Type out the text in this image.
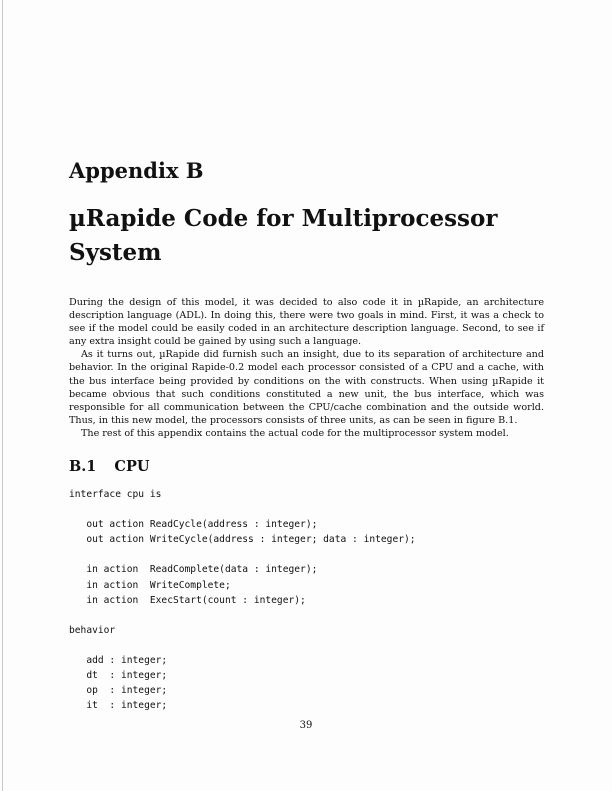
Appendix B
µRapide Code for Multiprocessor System

During the design of this model, it was decided to also code it in µRapide, an architecture description language (ADL). In doing this, there were two goals in mind. First, it was a check to see if the model could be easily coded in an architecture description language. Second, to see if any extra insight could be gained by using such a language.

As it turns out, µRapide did furnish such an insight, due to its separation of architecture and behavior. In the original Rapide-0.2 model each processor consisted of a CPU and a cache, with the bus interface being provided by conditions on the with constructs. When using µRapide it became obvious that such conditions constituted a new unit, the bus interface, which was responsible for all communication between the CPU/cache combination and the outside world. Thus, in this new model, the processors consists of three units, as can be seen in figure B.1.

The rest of this appendix contains the actual code for the multiprocessor system model.

B.1 CPU
interface cpu is

out action ReadCycle(address : integer);
out action WriteCycle(address : integer; data : integer);

in action  ReadComplete(data : integer);
in action  WriteComplete;
in action  ExecStart(count : integer);

behavior

add : integer;
dt  : integer;
op  : integer;
it  : integer;
39
